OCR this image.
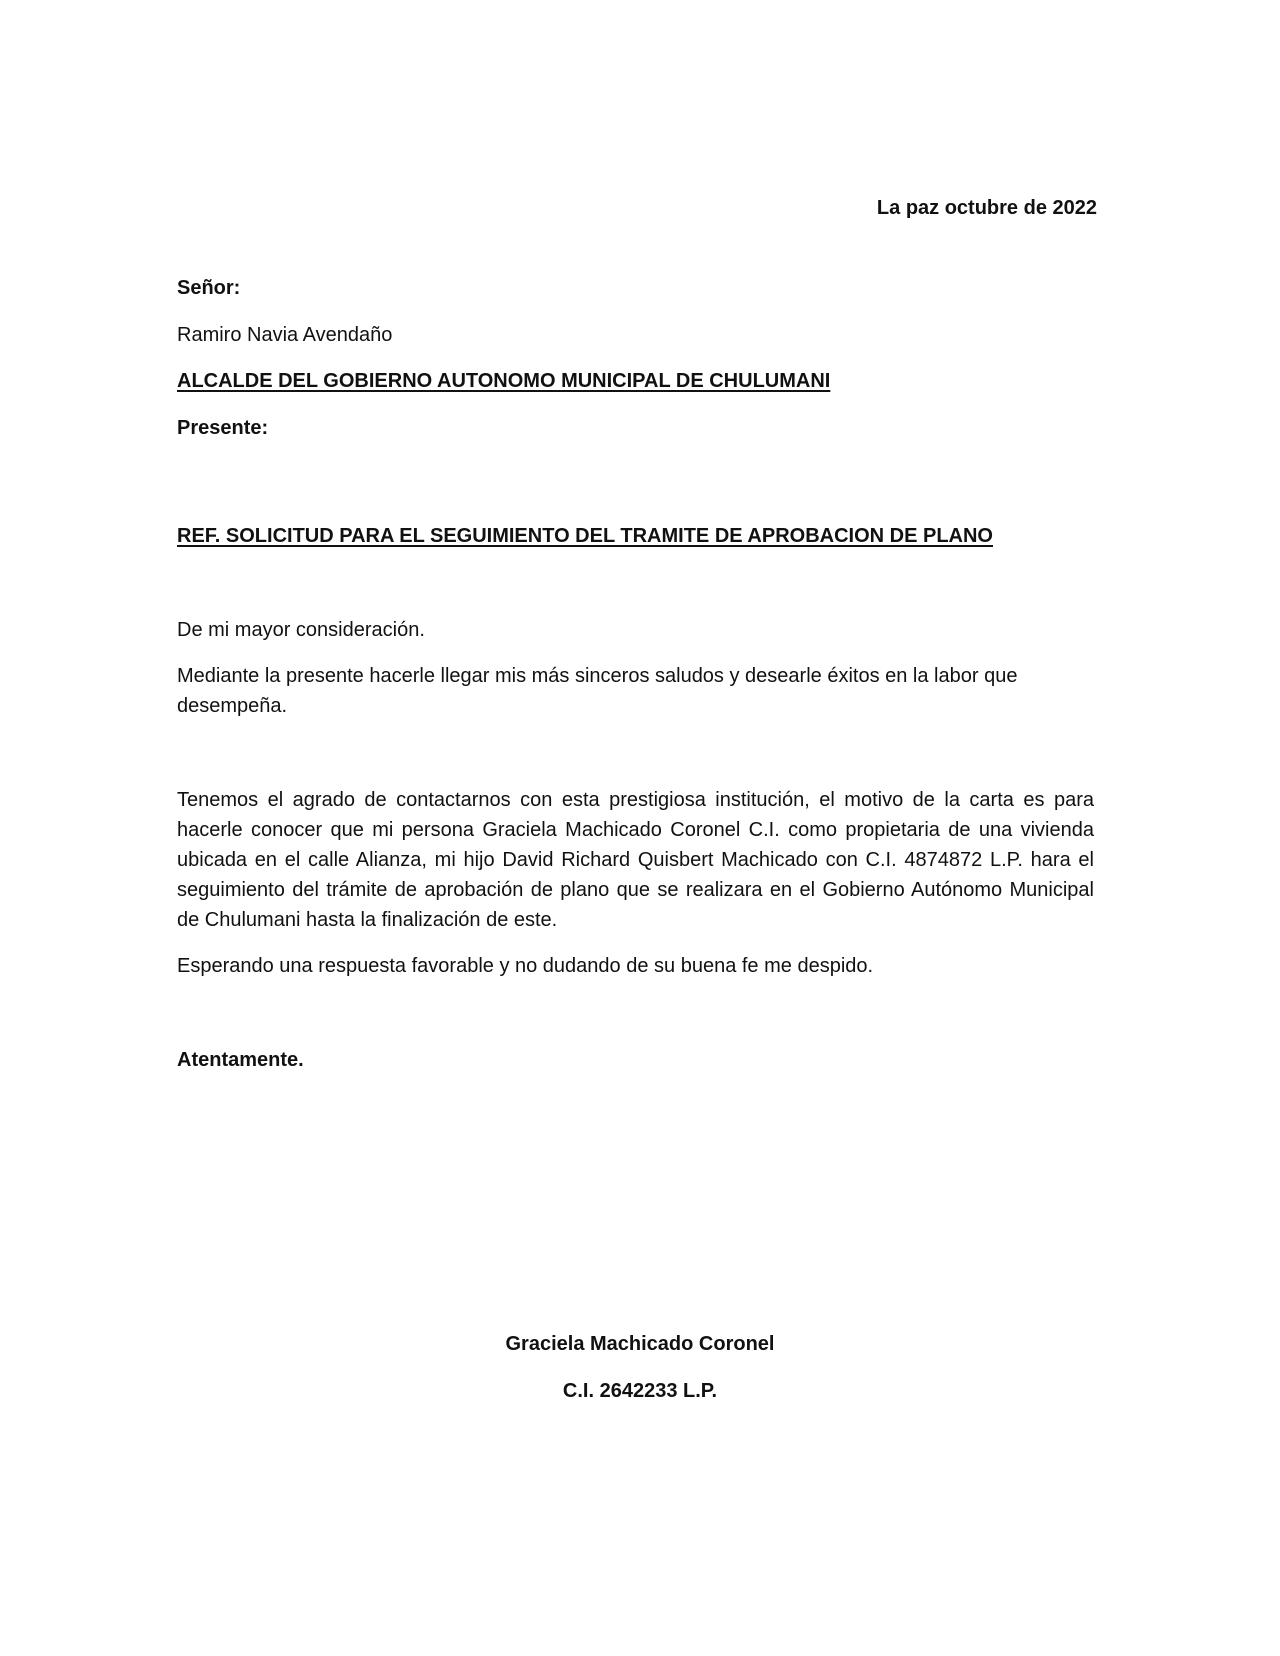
La paz octubre de 2022

Señor:

Ramiro Navia Avendaño

ALCALDE DEL GOBIERNO AUTONOMO MUNICIPAL DE CHULUMANI

Presente:

REF. SOLICITUD PARA EL SEGUIMIENTO DEL TRAMITE DE APROBACION DE PLANO

De mi mayor consideración.

Mediante la presente hacerle llegar mis más sinceros saludos y desearle éxitos en la labor que desempeña.

Tenemos el agrado de contactarnos con esta prestigiosa institución, el motivo de la carta es para hacerle conocer que mi persona Graciela Machicado Coronel C.I. como propietaria de una vivienda ubicada en el calle Alianza, mi hijo David Richard Quisbert Machicado con C.I. 4874872 L.P. hara el seguimiento del trámite de aprobación de plano que se realizara en el Gobierno Autónomo Municipal de Chulumani hasta la finalización de este.

Esperando una respuesta favorable y no dudando de su buena fe me despido.

Atentamente.

Graciela Machicado Coronel

C.I. 2642233 L.P.
